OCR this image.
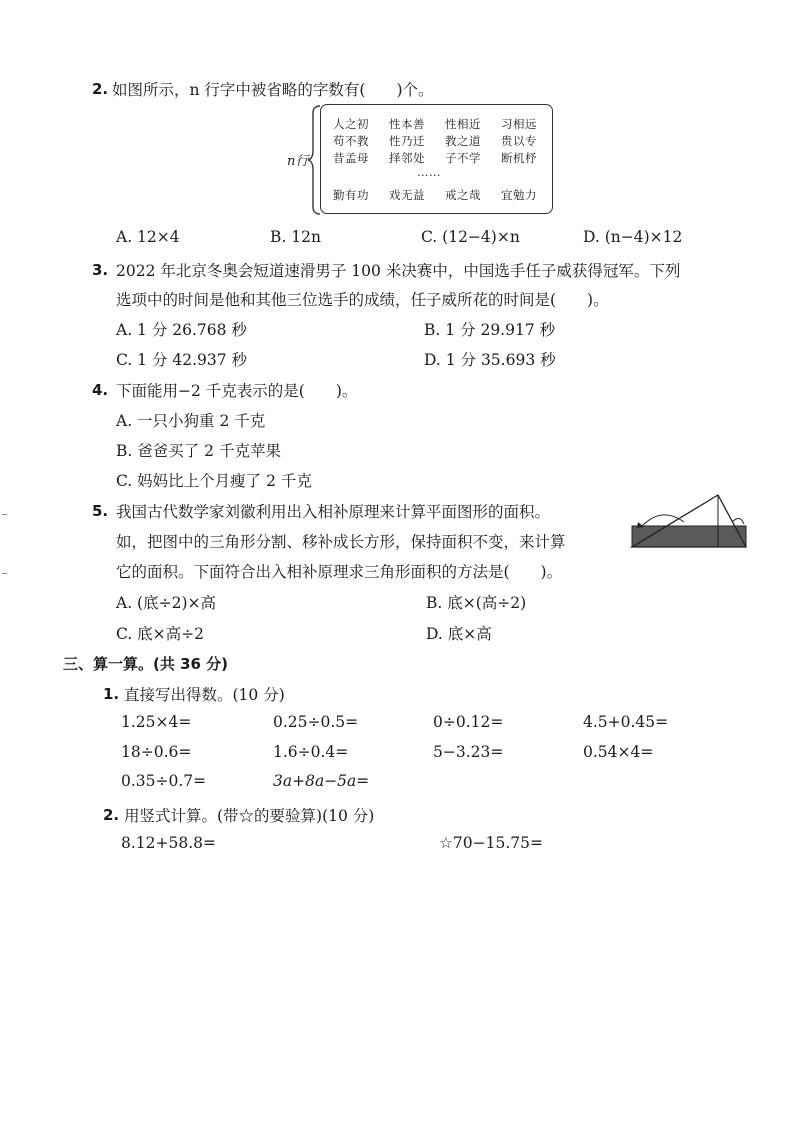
2. 如图所示，n 行字中被省略的字数有(　　)个。
n行
人之初 性本善 性相近 习相远
苟不教 性乃迁 教之道 贵以专
昔孟母 择邻处 子不学 断机杼
……
勤有功 戏无益 戒之哉 宜勉力
A. 12×4	B. 12n	C. (12−4)×n	D. (n−4)×12
3. 2022 年北京冬奥会短道速滑男子 100 米决赛中，中国选手任子威获得冠军。下列
选项中的时间是他和其他三位选手的成绩，任子威所花的时间是(　　)。
A. 1 分 26.768 秒	B. 1 分 29.917 秒
C. 1 分 42.937 秒	D. 1 分 35.693 秒
4. 下面能用−2 千克表示的是(　　)。
A. 一只小狗重 2 千克
B. 爸爸买了 2 千克苹果
C. 妈妈比上个月瘦了 2 千克
5. 我国古代数学家刘徽利用出入相补原理来计算平面图形的面积。
如，把图中的三角形分割、移补成长方形，保持面积不变，来计算
它的面积。下面符合出入相补原理求三角形面积的方法是(　　)。
A. (底÷2)×高	B. 底×(高÷2)
C. 底×高÷2	D. 底×高
三、算一算。(共 36 分)
1. 直接写出得数。(10 分)
1.25×4=	0.25÷0.5=	0÷0.12=	4.5+0.45=
18÷0.6=	1.6÷0.4=	5−3.23=	0.54×4=
0.35÷0.7=	3a+8a−5a=
2. 用竖式计算。(带☆的要验算)(10 分)
8.12+58.8=	☆70−15.75=
